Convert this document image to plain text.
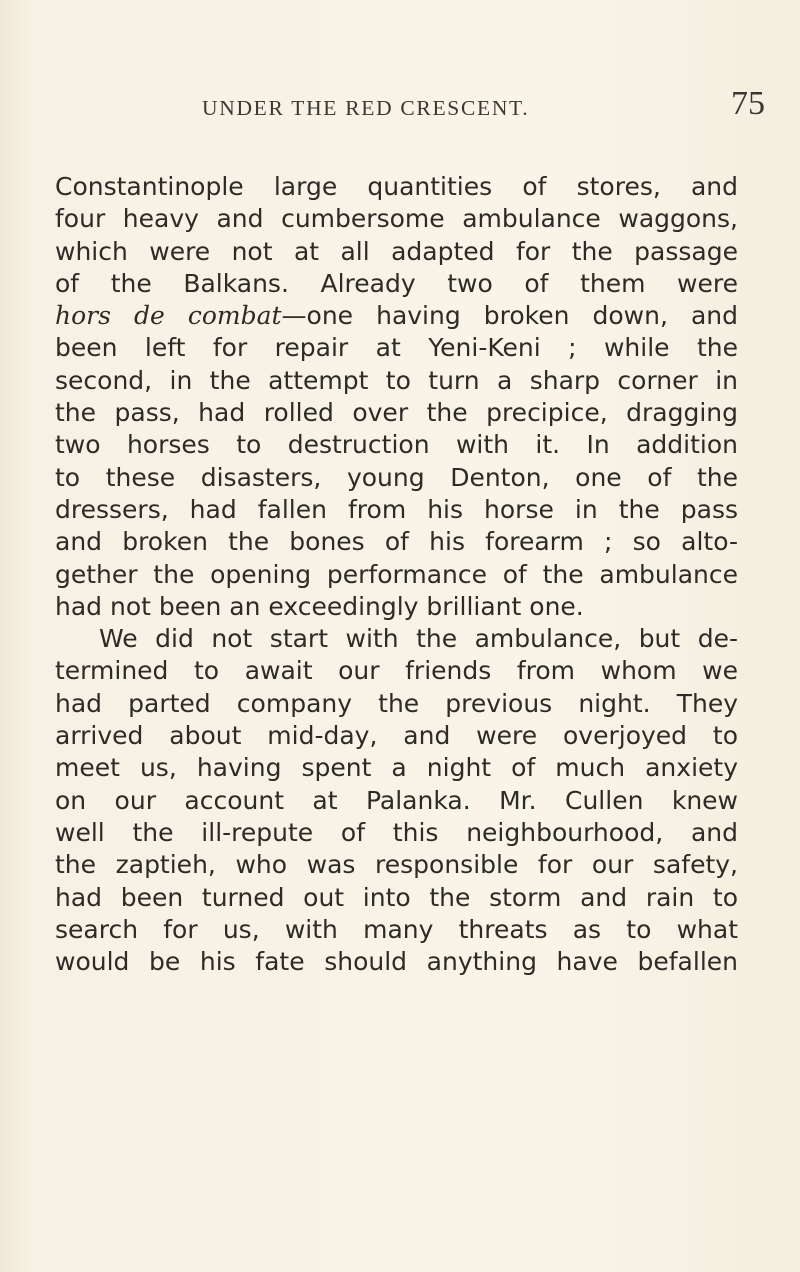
UNDER THE RED CRESCENT.	75
Constantinople large quantities of stores, and
four heavy and cumbersome ambulance waggons,
which were not at all adapted for the passage
of the Balkans. Already two of them were
hors de combat—one having broken down, and
been left for repair at Yeni-Keni ; while the
second, in the attempt to turn a sharp corner in
the pass, had rolled over the precipice, dragging
two horses to destruction with it. In addition
to these disasters, young Denton, one of the
dressers, had fallen from his horse in the pass
and broken the bones of his forearm ; so alto-
gether the opening performance of the ambulance
had not been an exceedingly brilliant one.
We did not start with the ambulance, but de-
termined to await our friends from whom we
had parted company the previous night. They
arrived about mid-day, and were overjoyed to
meet us, having spent a night of much anxiety
on our account at Palanka. Mr. Cullen knew
well the ill-repute of this neighbourhood, and
the zaptieh, who was responsible for our safety,
had been turned out into the storm and rain to
search for us, with many threats as to what
would be his fate should anything have befallen
